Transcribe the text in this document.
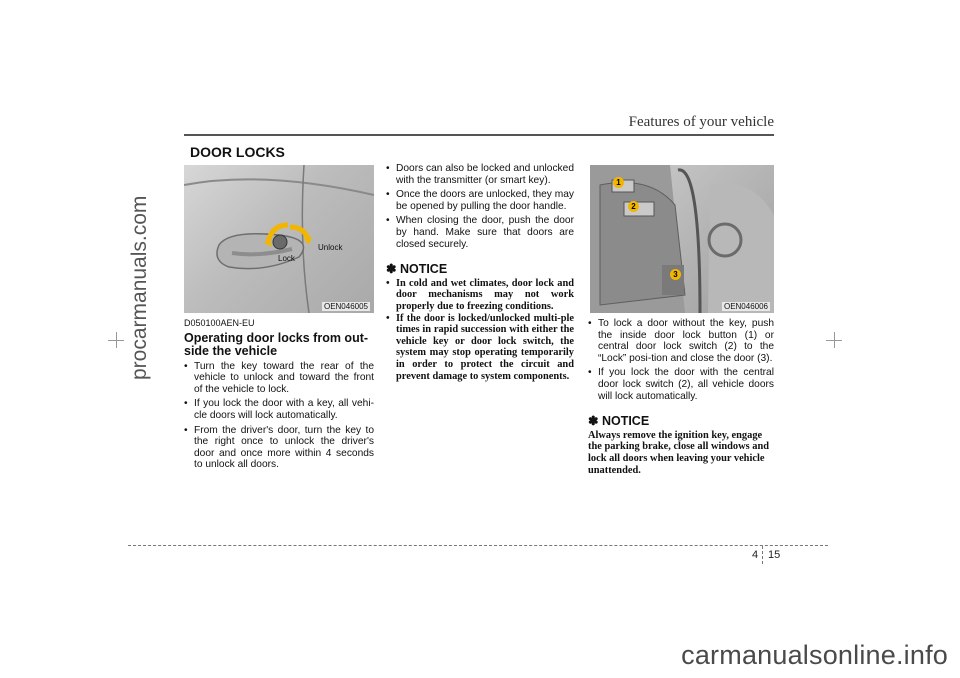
procarmanuals.com
carmanualsonline.info
Features of your vehicle
DOOR LOCKS
Lock
Unlock
OEN046005
1
2
3
OEN046006
D050100AEN-EU
Operating door locks from out-side the vehicle
• Turn the key toward the rear of the vehicle to unlock and toward the front of the vehicle to lock.
• If you lock the door with a key, all vehi-cle doors will lock automatically.
• From the driver's door, turn the key to the right once to unlock the driver's door and once more within 4 seconds to unlock all doors.
• Doors can also be locked and unlocked with the transmitter (or smart key).
• Once the doors are unlocked, they may be opened by pulling the door handle.
• When closing the door, push the door by hand. Make sure that doors are closed securely.
✽ NOTICE
• In cold and wet climates, door lock and door mechanisms may not work properly due to freezing conditions.
• If the door is locked/unlocked multi-ple times in rapid succession with either the vehicle key or door lock switch, the system may stop operating temporarily in order to protect the circuit and prevent damage to system components.
• To lock a door without the key, push the inside door lock button (1) or central door lock switch (2) to the “Lock” posi-tion and close the door (3).
• If you lock the door with the central door lock switch (2), all vehicle doors will lock automatically.
✽ NOTICE
Always remove the ignition key, engage the parking brake, close all windows and lock all doors when leaving your vehicle unattended.
4 15
